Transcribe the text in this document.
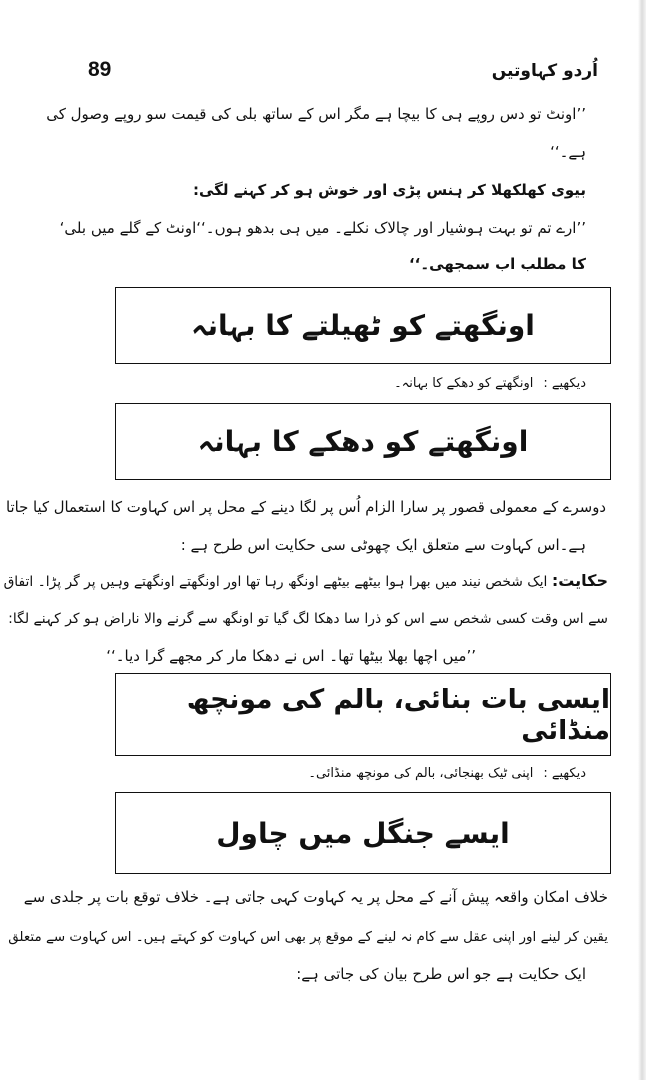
89	اُردو کہاوتیں
’’اونٹ تو دس روپے ہی کا بیچا ہے مگر اس کے ساتھ بلی کی قیمت سو روپے وصول کی
ہے۔‘‘
بیوی کھلکھلا کر ہنس پڑی اور خوش ہو کر کہنے لگی:
’’ارے تم تو بہت ہوشیار اور چالاک نکلے۔ میں ہی بدھو ہوں۔‘‘اونٹ کے گلے میں بلی‘
کا مطلب اب سمجھی۔‘‘
اونگھتے کو ٹھیلتے کا بہانہ
دیکھیے :اونگھتے کو دھکے کا بہانہ۔
اونگھتے کو دھکے کا بہانہ
دوسرے کے معمولی قصور پر سارا الزام اُس پر لگا دینے کے محل پر اس کہاوت کا استعمال کیا جاتا
ہے۔اس کہاوت سے متعلق ایک چھوٹی سی حکایت اس طرح ہے :
حکایت: ایک شخص نیند میں بھرا ہوا بیٹھے بیٹھے اونگھ رہا تھا اور اونگھتے اونگھتے وہیں پر گر پڑا۔ اتفاق
سے اس وقت کسی شخص سے اس کو ذرا سا دھکا لگ گیا تو اونگھ سے گرنے والا ناراض ہو کر کہنے لگا:
’’میں اچھا بھلا بیٹھا تھا۔ اس نے دھکا مار کر مجھے گرا دیا۔‘‘
ایسی بات بنائی، بالم کی مونچھ منڈائی
دیکھیے :اپنی ٹیک بھنجائی، بالم کی مونچھ منڈائی۔
ایسے جنگل میں چاول
خلاف امکان واقعہ پیش آنے کے محل پر یہ کہاوت کہی جاتی ہے۔ خلاف توقع بات پر جلدی سے
یقین کر لینے اور اپنی عقل سے کام نہ لینے کے موقع پر بھی اس کہاوت کو کہتے ہیں۔ اس کہاوت سے متعلق
ایک حکایت ہے جو اس طرح بیان کی جاتی ہے:
